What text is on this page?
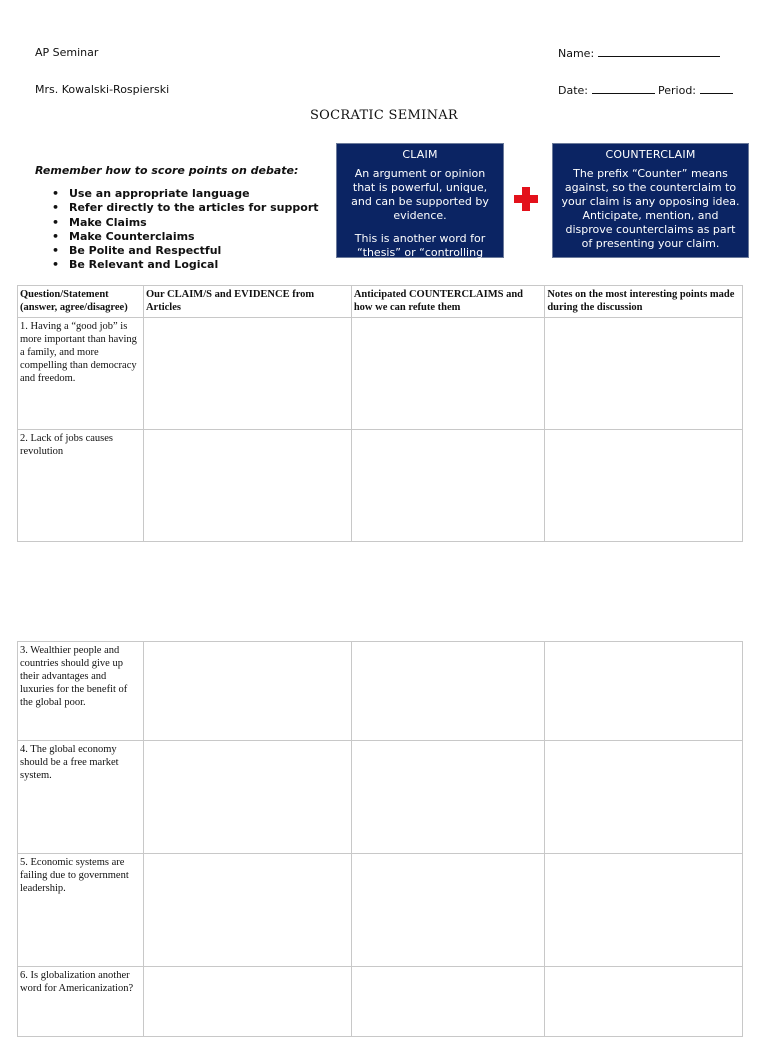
AP Seminar
Mrs. Kowalski-Rospierski
Name:
Date:	Period:
SOCRATIC SEMINAR
Remember how to score points on debate:
• Use an appropriate language
• Refer directly to the articles for support
• Make Claims
• Make Counterclaims
• Be Polite and Respectful
• Be Relevant and Logical
CLAIM

An argument or opinion that is powerful, unique, and can be supported by evidence.

This is another word for “thesis” or “controlling idea”

COUNTERCLAIM

The prefix “Counter” means against, so the counterclaim to your claim is any opposing idea. Anticipate, mention, and disprove counterclaims as part of presenting your claim.

Question/Statement (answer, agree/disagree)	Our CLAIM/S and EVIDENCE from Articles	Anticipated COUNTERCLAIMS and how we can refute them	Notes on the most interesting points made during the discussion
1. Having a “good job” is more important than having a family, and more compelling than democracy and freedom.			
2. Lack of jobs causes revolution			
3. Wealthier people and countries should give up their advantages and luxuries for the benefit of the global poor.			
4. The global economy should be a free market system.			
5. Economic systems are failing due to government leadership.			
6. Is globalization another word for Americanization?			
